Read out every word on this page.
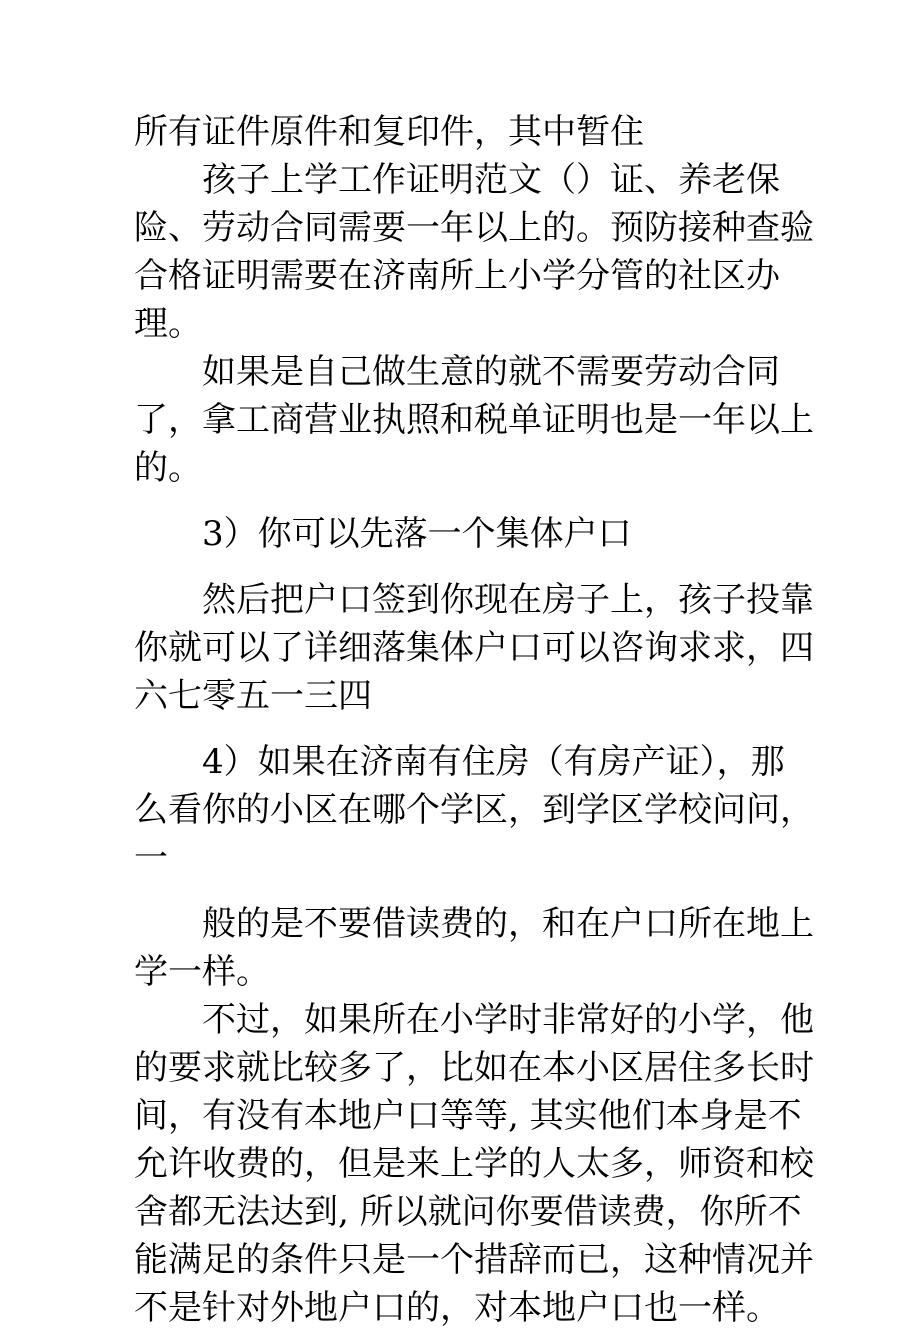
所有证件原件和复印件，其中暂住

孩子上学工作证明范文（）证、养老保险、劳动合同需要一年以上的。预防接种查验合格证明需要在济南所上小学分管的社区办理。

如果是自己做生意的就不需要劳动合同了，拿工商营业执照和税单证明也是一年以上的。

3）你可以先落一个集体户口

然后把户口签到你现在房子上，孩子投靠你就可以了详细落集体户口可以咨询求求，四六七零五一三四

4）如果在济南有住房（有房产证），那么看你的小区在哪个学区，到学区学校问问，一

般的是不要借读费的，和在户口所在地上学一样。

不过，如果所在小学时非常好的小学，他的要求就比较多了，比如在本小区居住多长时间，有没有本地户口等等, 其实他们本身是不允许收费的，但是来上学的人太多，师资和校舍都无法达到, 所以就问你要借读费，你所不能满足的条件只是一个措辞而已，这种情况并不是针对外地户口的，对本地户口也一样。
